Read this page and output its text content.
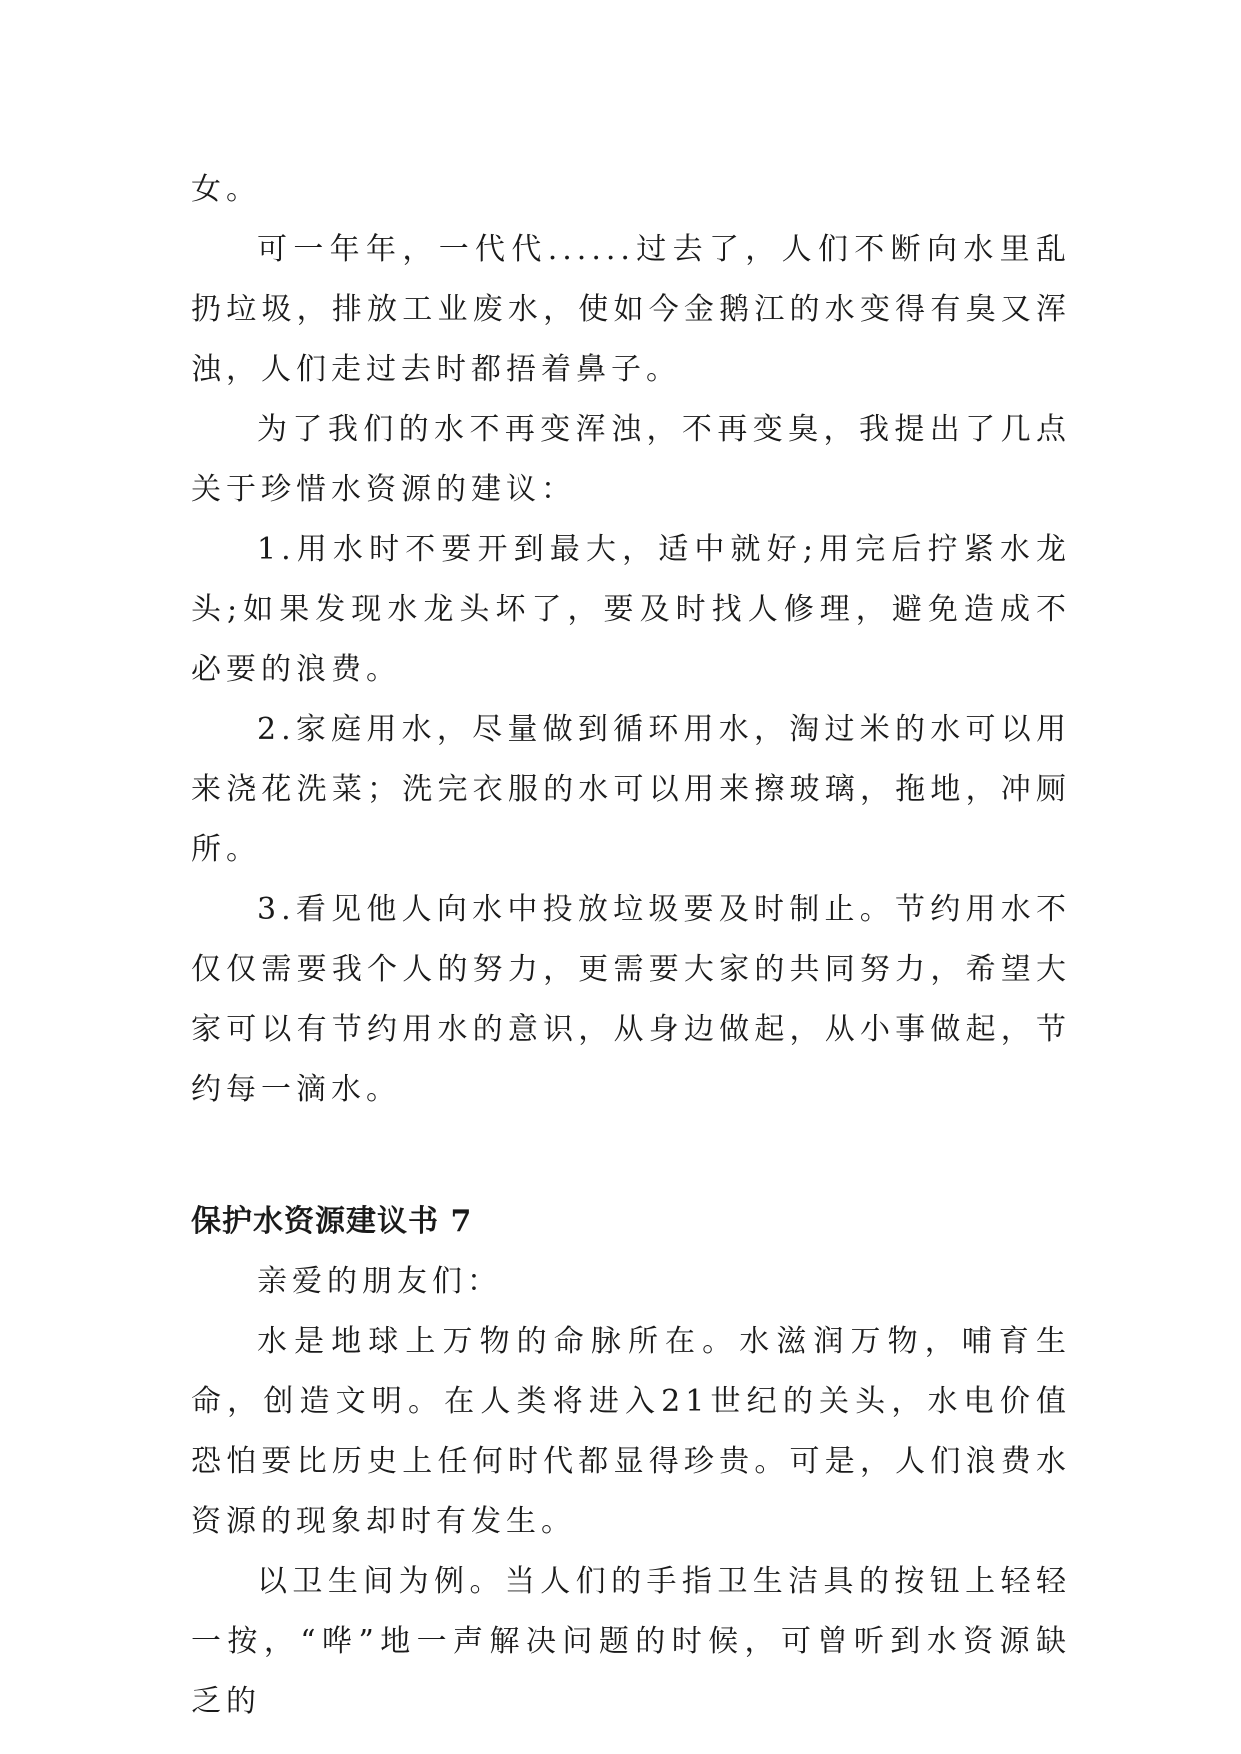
女。

可一年年，一代代......过去了，人们不断向水里乱扔垃圾，排放工业废水，使如今金鹅江的水变得有臭又浑浊，人们走过去时都捂着鼻子。

为了我们的水不再变浑浊，不再变臭，我提出了几点关于珍惜水资源的建议：

1.用水时不要开到最大，适中就好;用完后拧紧水龙头;如果发现水龙头坏了，要及时找人修理，避免造成不必要的浪费。

2.家庭用水，尽量做到循环用水，淘过米的水可以用来浇花洗菜；洗完衣服的水可以用来擦玻璃，拖地，冲厕所。

3.看见他人向水中投放垃圾要及时制止。节约用水不仅仅需要我个人的努力，更需要大家的共同努力，希望大家可以有节约用水的意识，从身边做起，从小事做起，节约每一滴水。

保护水资源建议书 7

亲爱的朋友们：

水是地球上万物的命脉所在。水滋润万物，哺育生命，创造文明。在人类将进入21世纪的关头，水电价值恐怕要比历史上任何时代都显得珍贵。可是，人们浪费水资源的现象却时有发生。

以卫生间为例。当人们的手指卫生洁具的按钮上轻轻一按，“哗”地一声解决问题的时候，可曾听到水资源缺乏的
